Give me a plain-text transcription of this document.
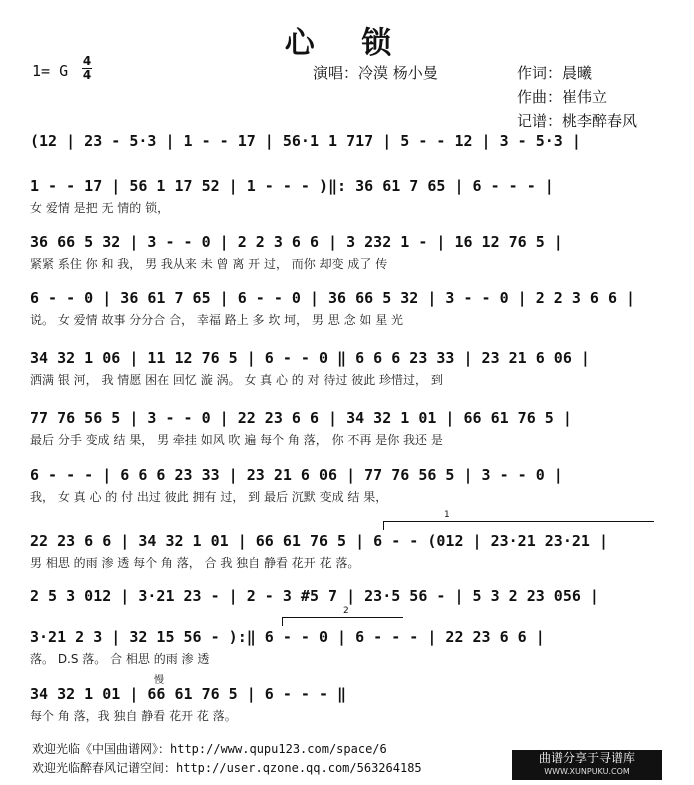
心 锁
1= G
4
4	演唱：冷漠 杨小曼	作词：晨曦
作曲：崔伟立
记谱：桃李醉春风
(12 | 23 - 5·3 | 1 - - 17 | 56·1 1 717 | 5 - - 12 | 3 - 5·3 |
1 - - 17 | 56 1 17 52 | 1 - - - )‖: 36 61 7 65 | 6 - - - |
女 爱情 是把 无 情的 锁，
36 66 5 32 | 3 - - 0 | 2 2 3 6 6 | 3 232 1 - | 16 12 76 5 |
紧紧 系住 你 和 我， 男 我从来 未 曾 离 开 过， 而你 却变 成了 传
6 - - 0 | 36 61 7 65 | 6 - - 0 | 36 66 5 32 | 3 - - 0 | 2 2 3 6 6 |
说。 女 爱情 故事 分分合 合， 幸福 路上 多 坎 坷， 男 思 念 如 星 光
34 32 1 06 | 11 12 76 5 | 6 - - 0 ‖ 6 6 6 23 33 | 23 21 6 06 |
洒满 银 河， 我 情愿 困在 回忆 漩 涡。 女 真 心 的 对 待过 彼此 珍惜过， 到
77 76 56 5 | 3 - - 0 | 22 23 6 6 | 34 32 1 01 | 66 61 76 5 |
最后 分手 变成 结 果， 男 牵挂 如风 吹 遍 每个 角 落， 你 不再 是你 我还 是
6 - - - | 6 6 6 23 33 | 23 21 6 06 | 77 76 56 5 | 3 - - 0 |
我， 女 真 心 的 付 出过 彼此 拥有 过， 到 最后 沉默 变成 结 果，
1
22 23 6 6 | 34 32 1 01 | 66 61 76 5 | 6 - - (012 | 23·21 23·21 |
男 相思 的雨 渗 透 每个 角 落， 合 我 独自 静看 花开 花 落。
2 5 3 012 | 3·21 23 - | 2 - 3 #5 7 | 23·5 56 - | 5 3 2 23 056 |
2
3·21 2 3 | 32 15 56 - ):‖ 6 - - 0 | 6 - - - | 22 23 6 6 |
落。 D.S 落。 合 相思 的雨 渗 透
慢
34 32 1 01 | 66 61 76 5 | 6 - - - ‖
每个 角 落，我 独自 静看 花开 花 落。
欢迎光临《中国曲谱网》：http://www.qupu123.com/space/6
欢迎光临醉春风记谱空间：http://user.qzone.qq.com/563264185
曲谱分享于寻谱库
WWW.XUNPUKU.COM
